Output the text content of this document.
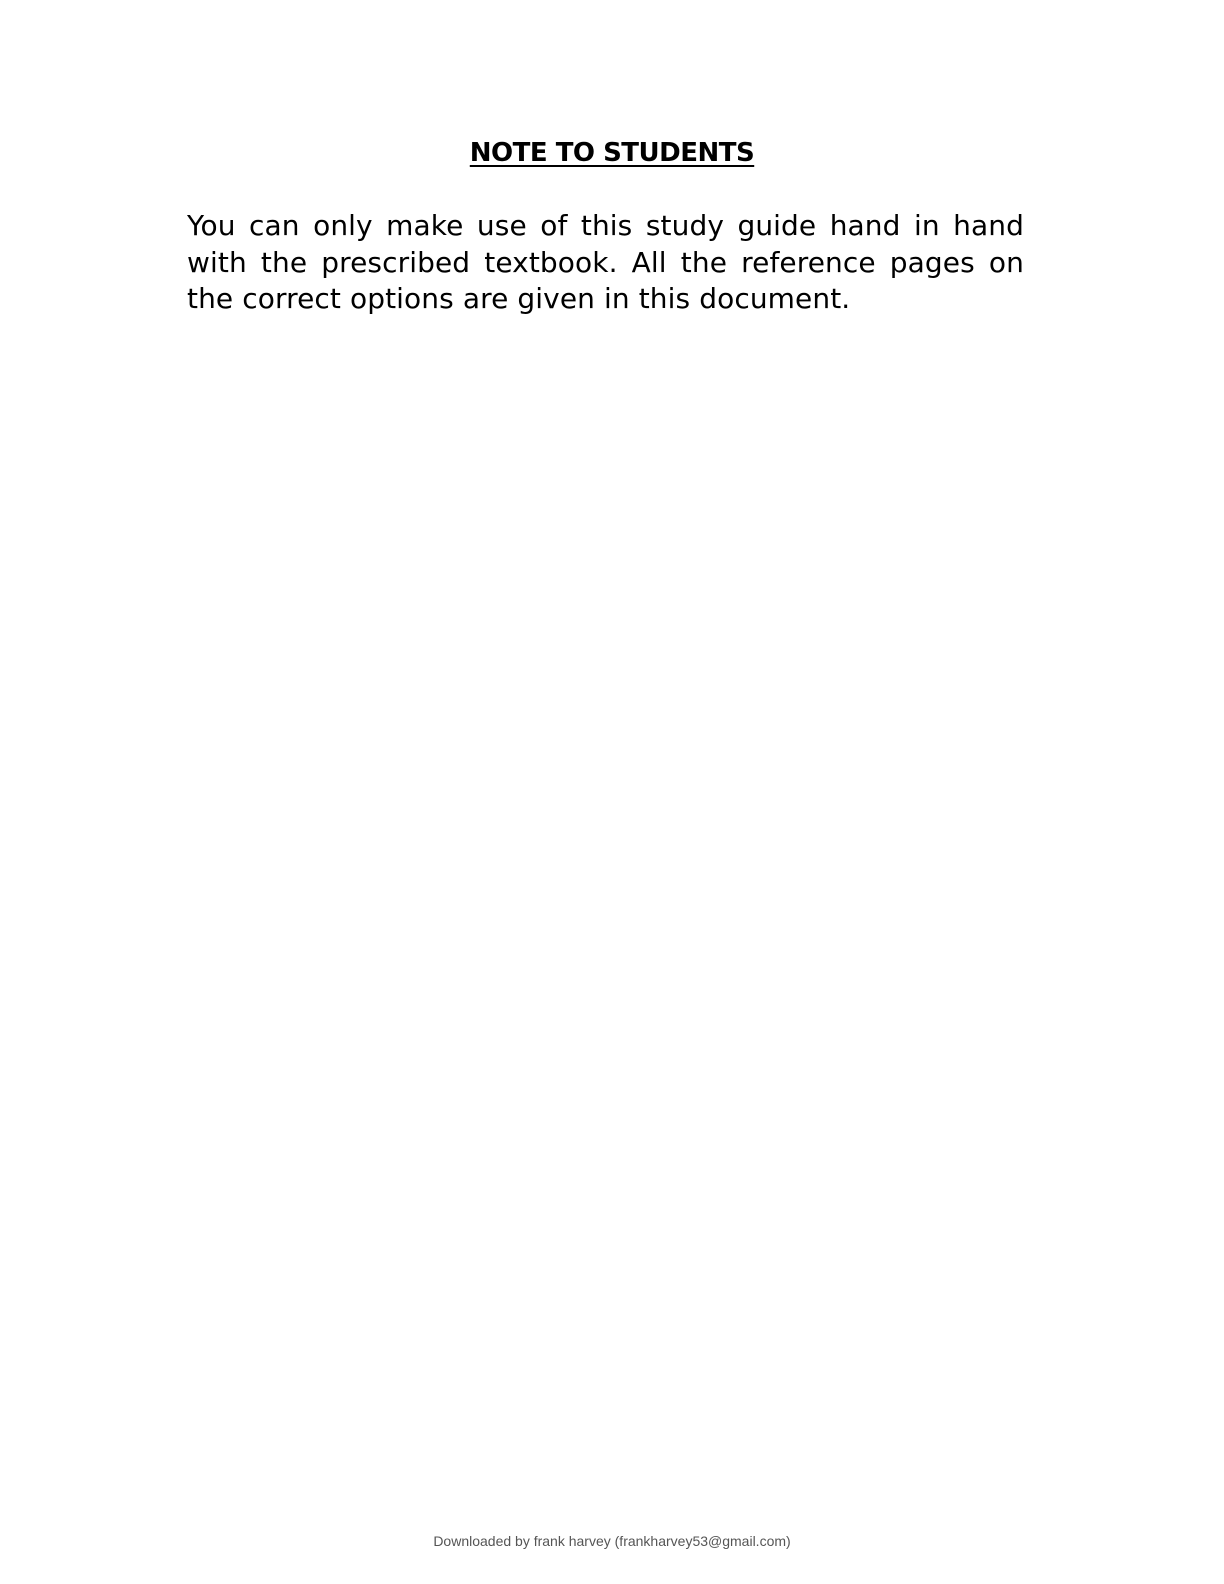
NOTE TO STUDENTS

You can only make use of this study guide hand in hand with the prescribed textbook. All the reference pages on the correct options are given in this document.

Downloaded by frank harvey (frankharvey53@gmail.com)
